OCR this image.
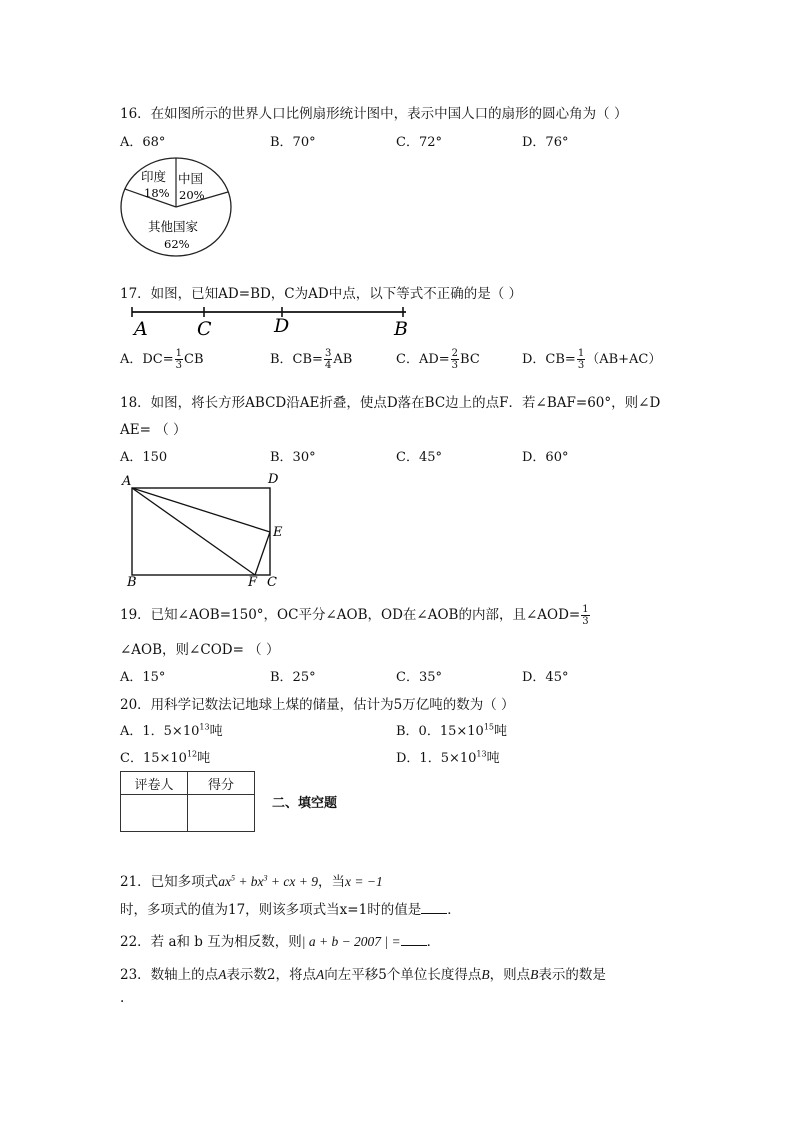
16．在如图所示的世界人口比例扇形统计图中，表示中国人口的扇形的圆心角为（ ）
A．68°	B．70°	C．72°	D．76°
印度
18%
中国
20%
其他国家
62%
17．如图，已知AD=BD，C为AD中点，以下等式不正确的是（ ）
A	C	D	B
A．$DC= \frac{1}{3}$ CB	B．$CB= \frac{3}{4}$ AB	C．$AD= \frac{2}{3}$ BC	D．$CB= \frac{1}{3} (AB+AC)$
18．如图，将长方形ABCD沿AE折叠，使点D落在BC边上的点F．若∠BAF=60°，则∠D
AE= （ ）
A．150	B．30°	C．45°	D．60°
A	D
E
B	F C
19．已知∠AOB=150°，OC平分∠AOB，OD在∠AOB的内部，且∠AOD= $\frac{1}{3}$
∠AOB，则∠COD= （ ）
A．15°	B．25°	C．35°	D．45°
20．用科学记数法记地球上煤的储量，估计为5万亿吨的数为（ ）
A．1．$5\times 10^{13}$吨	B．0．$15\times 10^{15}$吨
C．$15\times 10^{12}$吨	D．1．$5\times 10^{13}$吨
评卷人	得分

二、填空题
21．已知多项式$ax^5 + bx^3$ + cx + 9，当x = −1
时，多项式的值为17，则该多项式当x=1时的值是 ．
22．若 a和 b 互为相反数，则| a + b − 2007 | = ．
23．数轴上的点A表示数2，将点A向左平移5个单位长度得点B，则点B表示的数是
.
